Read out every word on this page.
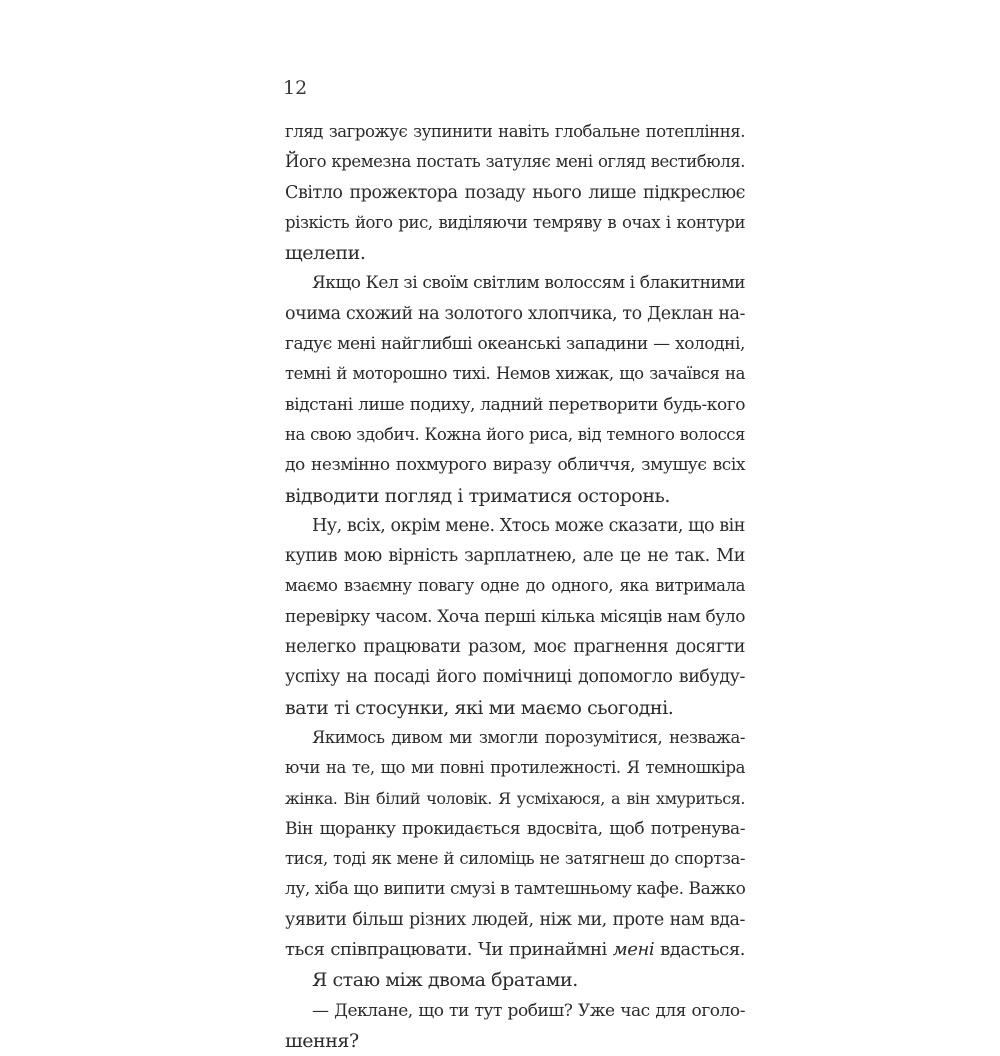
12
гляд загрожує зупинити навіть глобальне потепління.
Його кремезна постать затуляє мені огляд вестибюля.
Світло прожектора позаду нього лише підкреслює
різкість його рис, виділяючи темряву в очах і контури
щелепи.
Якщо Кел зі своїм світлим волоссям і блакитними
очима схожий на золотого хлопчика, то Деклан на-
гадує мені найглибші океанські западини — холодні,
темні й моторошно тихі. Немов хижак, що зачаївся на
відстані лише подиху, ладний перетворити будь-кого
на свою здобич. Кожна його риса, від темного волосся
до незмінно похмурого виразу обличчя, змушує всіх
відводити погляд і триматися осторонь.
Ну, всіх, окрім мене. Хтось може сказати, що він
купив мою вірність зарплатнею, але це не так. Ми
маємо взаємну повагу одне до одного, яка витримала
перевірку часом. Хоча перші кілька місяців нам було
нелегко працювати разом, моє прагнення досягти
успіху на посаді його помічниці допомогло вибуду-
вати ті стосунки, які ми маємо сьогодні.
Якимось дивом ми змогли порозумітися, незважа-
ючи на те, що ми повні протилежності. Я темношкіра
жінка. Він білий чоловік. Я усміхаюся, а він хмуриться.
Він щоранку прокидається вдосвіта, щоб потренува-
тися, тоді як мене й силоміць не затягнеш до спортза-
лу, хіба що випити смузі в тамтешньому кафе. Важко
уявити більш різних людей, ніж ми, проте нам вда-
ться співпрацювати. Чи принаймні мені вдасться.
Я стаю між двома братами.
— Деклане, що ти тут робиш? Уже час для оголо-
шення?
